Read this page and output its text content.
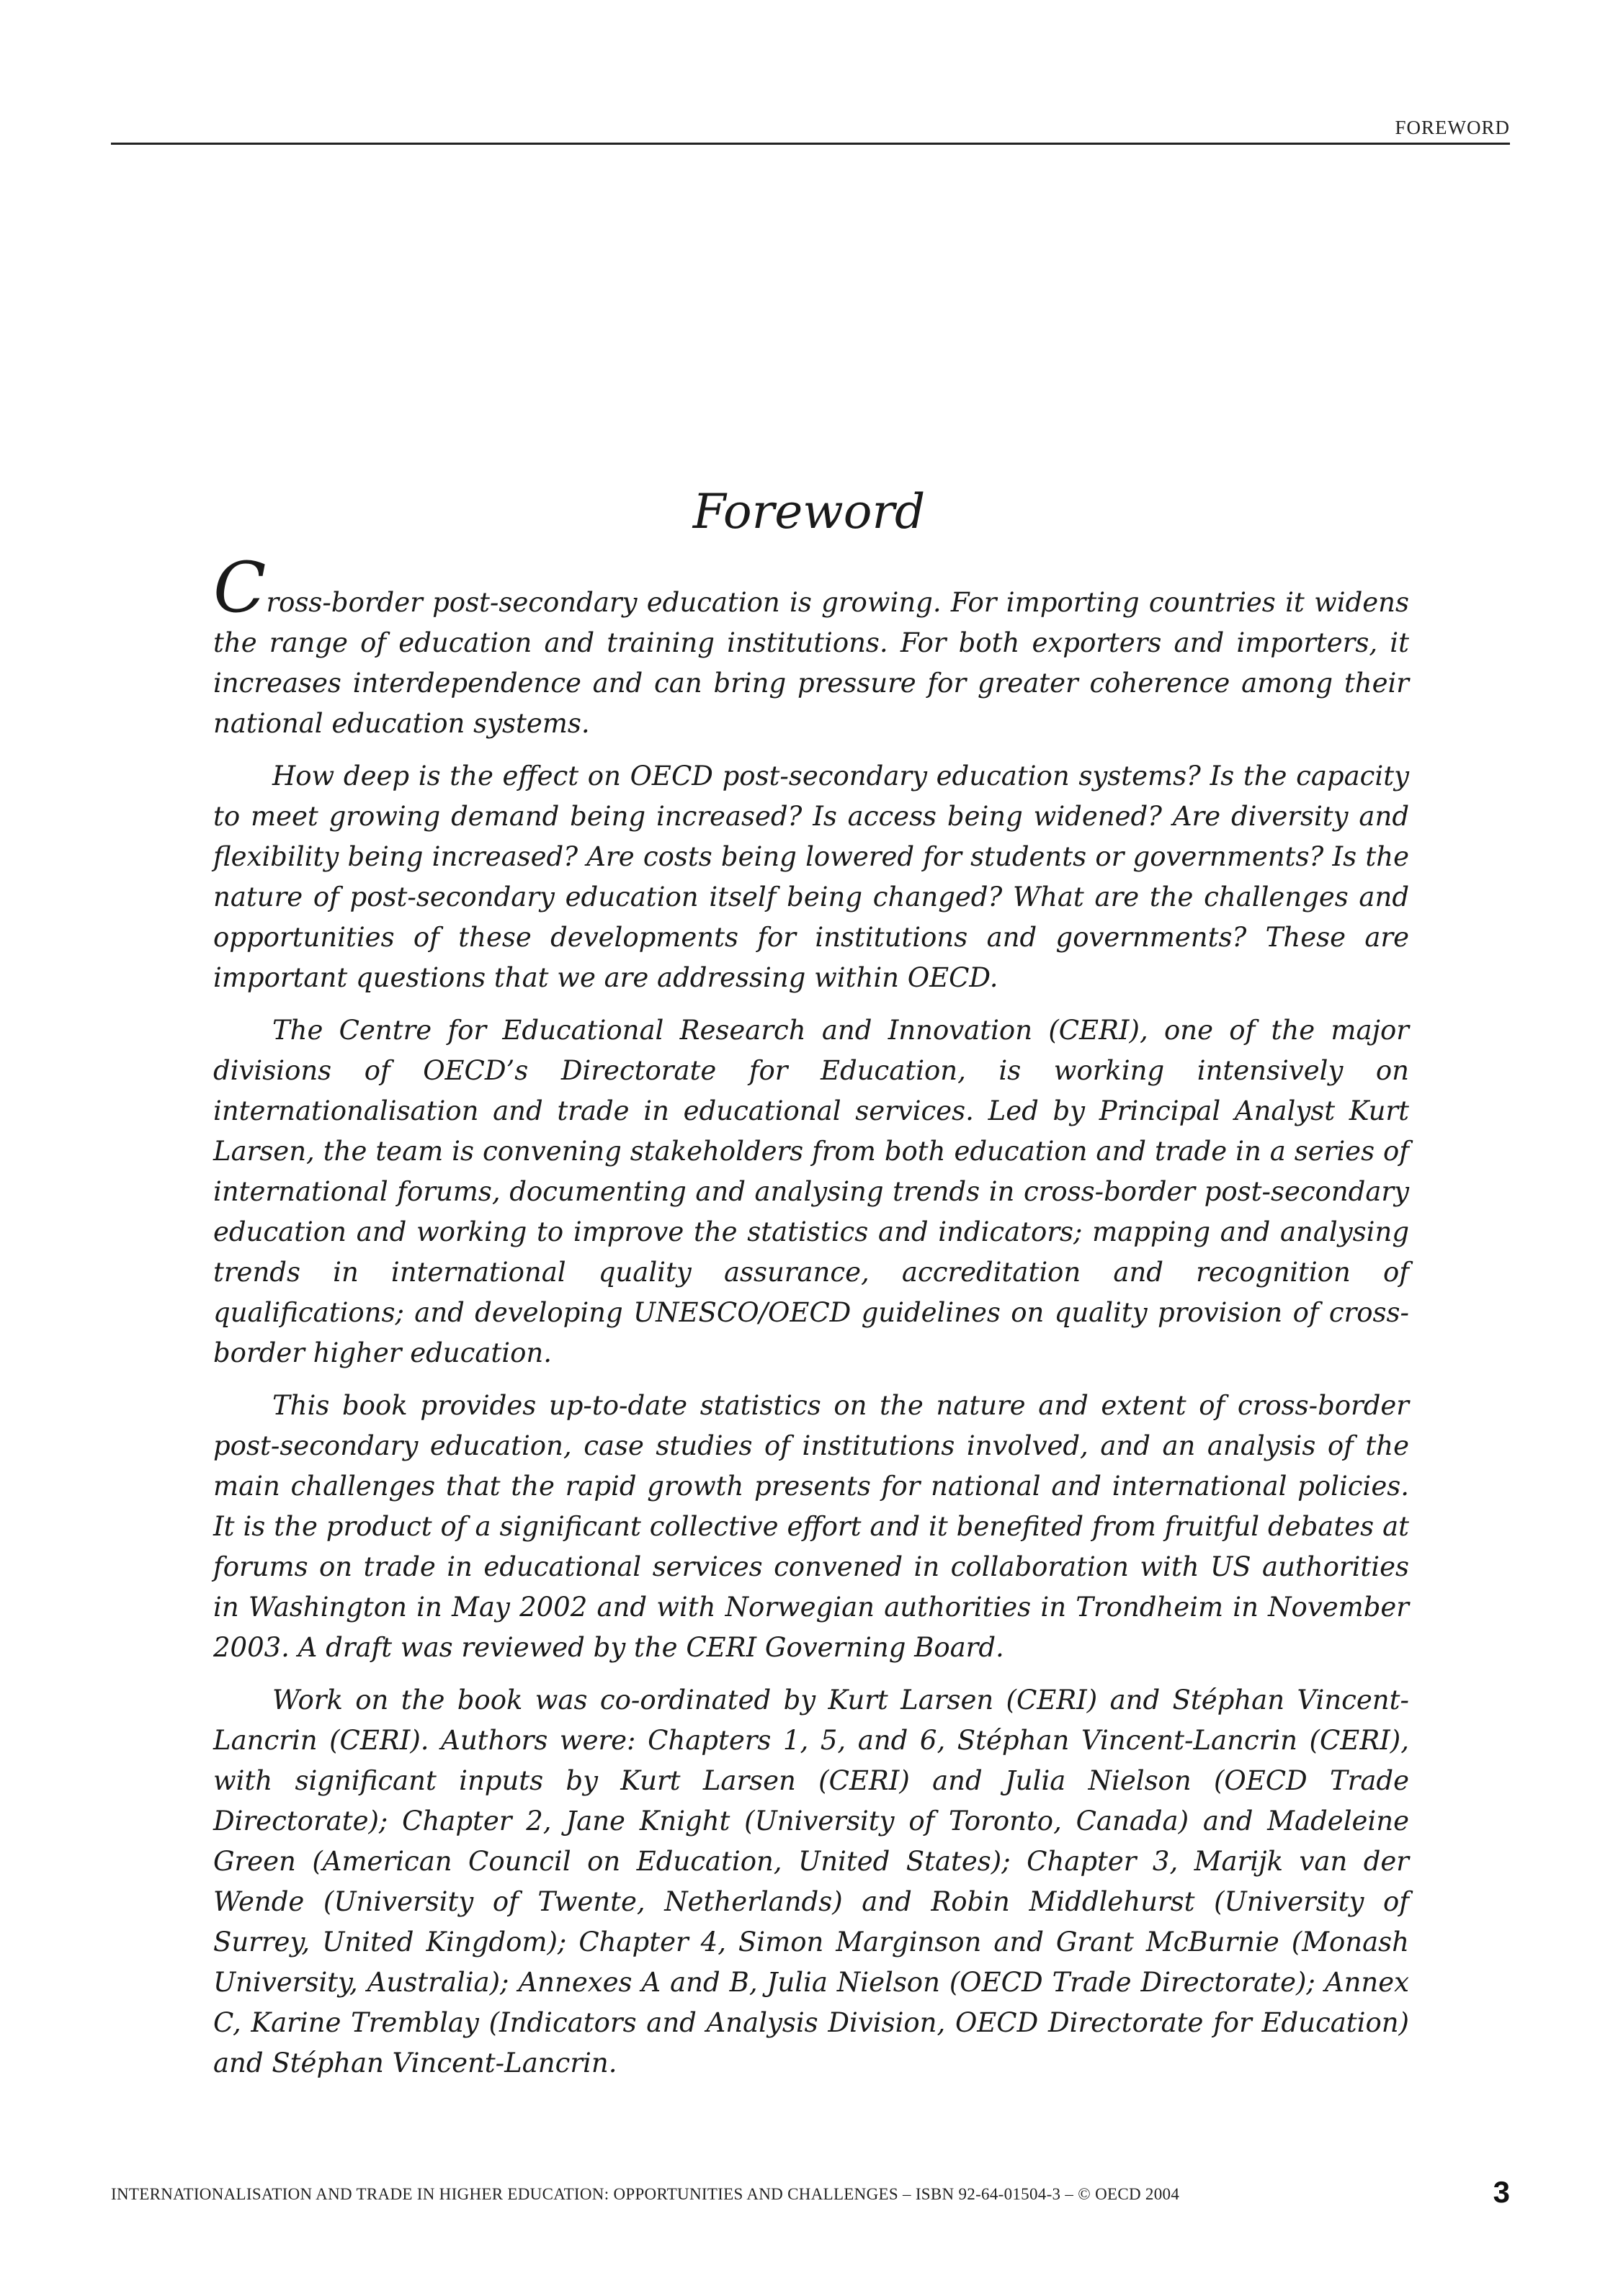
FOREWORD
Foreword

Cross-border post-secondary education is growing. For importing countries it widens the range of education and training institutions. For both exporters and importers, it increases interdependence and can bring pressure for greater coherence among their national education systems.

How deep is the effect on OECD post-secondary education systems? Is the capacity to meet growing demand being increased? Is access being widened? Are diversity and flexibility being increased? Are costs being lowered for students or governments? Is the nature of post-secondary education itself being changed? What are the challenges and opportunities of these developments for institutions and governments? These are important questions that we are addressing within OECD.

The Centre for Educational Research and Innovation (CERI), one of the major divisions of OECD’s Directorate for Education, is working intensively on internationalisation and trade in educational services. Led by Principal Analyst Kurt Larsen, the team is convening stakeholders from both education and trade in a series of international forums, documenting and analysing trends in cross-border post-secondary education and working to improve the statistics and indicators; mapping and analysing trends in international quality assurance, accreditation and recognition of qualifications; and developing UNESCO/OECD guidelines on quality provision of cross-border higher education.

This book provides up-to-date statistics on the nature and extent of cross-border post-secondary education, case studies of institutions involved, and an analysis of the main challenges that the rapid growth presents for national and international policies. It is the product of a significant collective effort and it benefited from fruitful debates at forums on trade in educational services convened in collaboration with US authorities in Washington in May 2002 and with Norwegian authorities in Trondheim in November 2003. A draft was reviewed by the CERI Governing Board.

Work on the book was co-ordinated by Kurt Larsen (CERI) and Stéphan Vincent-Lancrin (CERI). Authors were: Chapters 1, 5, and 6, Stéphan Vincent-Lancrin (CERI), with significant inputs by Kurt Larsen (CERI) and Julia Nielson (OECD Trade Directorate); Chapter 2, Jane Knight (University of Toronto, Canada) and Madeleine Green (American Council on Education, United States); Chapter 3, Marijk van der Wende (University of Twente, Netherlands) and Robin Middlehurst (University of Surrey, United Kingdom); Chapter 4, Simon Marginson and Grant McBurnie (Monash University, Australia); Annexes A and B, Julia Nielson (OECD Trade Directorate); Annex C, Karine Tremblay (Indicators and Analysis Division, OECD Directorate for Education) and Stéphan Vincent-Lancrin.

INTERNATIONALISATION AND TRADE IN HIGHER EDUCATION: OPPORTUNITIES AND CHALLENGES – ISBN 92-64-01504-3 – © OECD 2004	3
